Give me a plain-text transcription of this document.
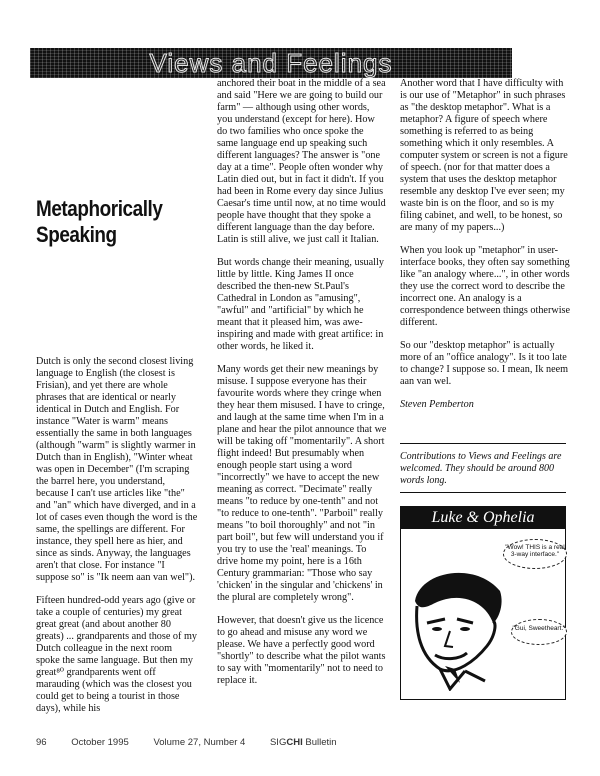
Views and Feelings
Metaphorically
Speaking

Dutch is only the second closest living language to English (the closest is Frisian), and yet there are whole phrases that are identical or nearly identical in Dutch and English. For instance "Water is warm" means essentially the same in both languages (although "warm" is slightly warmer in Dutch than in English), "Winter wheat was open in December" (I'm scraping the barrel here, you understand, because I can't use articles like "the" and "an" which have diverged, and in a lot of cases even though the word is the same, the spellings are different. For instance, they spell here as hier, and since as sinds. Anyway, the languages aren't that close. For instance "I suppose so" is "Ik neem aan van wel").

Fifteen hundred-odd years ago (give or take a couple of centuries) my great great great (and about another 80 greats) ... grandparents and those of my Dutch colleague in the next room spoke the same language. But then my great⁸⁰ grandparents went off marauding (which was the closest you could get to being a tourist in those days), while his

anchored their boat in the middle of a sea and said "Here we are going to build our farm" — although using other words, you understand (except for here). How do two families who once spoke the same language end up speaking such different languages? The answer is "one day at a time". People often wonder why Latin died out, but in fact it didn't. If you had been in Rome every day since Julius Caesar's time until now, at no time would people have thought that they spoke a different language than the day before. Latin is still alive, we just call it Italian.

But words change their meaning, usually little by little. King James II once described the then-new St.Paul's Cathedral in London as "amusing", "awful" and "artificial" by which he meant that it pleased him, was awe-inspiring and made with great artifice: in other words, he liked it.

Many words get their new meanings by misuse. I suppose everyone has their favourite words where they cringe when they hear them misused. I have to cringe, and laugh at the same time when I'm in a plane and hear the pilot announce that we will be taking off "momentarily". A short flight indeed! But presumably when enough people start using a word "incorrectly" we have to accept the new meaning as correct. "Decimate" really means "to reduce by one-tenth" and not "to reduce to one-tenth". "Parboil" really means "to boil thoroughly" and not "in part boil", but few will understand you if you try to use the 'real' meanings. To drive home my point, here is a 16th Century grammarian: "Those who say 'chicken' in the singular and 'chickens' in the plural are completely wrong".

However, that doesn't give us the licence to go ahead and misuse any word we please. We have a perfectly good word "shortly" to describe what the pilot wants to say with "momentarily" not to need to replace it.

Another word that I have difficulty with is our use of "Metaphor" in such phrases as "the desktop metaphor". What is a metaphor? A figure of speech where something is referred to as being something which it only resembles. A computer system or screen is not a figure of speech. (nor for that matter does a system that uses the desktop metaphor resemble any desktop I've ever seen; my waste bin is on the floor, and so is my filing cabinet, and well, to be honest, so are many of my papers...)

When you look up "metaphor" in user-interface books, they often say something like "an analogy where...", in other words they use the correct word to describe the incorrect one. An analogy is a correspondence between things otherwise different.

So our "desktop metaphor" is actually more of an "office analogy". Is it too late to change? I suppose so. I mean, Ik neem aan van wel.

Steven Pemberton

Contributions to Views and Feelings are welcomed. They should be around 800 words long.
Luke & Ophelia
"Wow! THIS is a real 3-way interface."
"Gui, Sweetheart."
96	October 1995	Volume 27, Number 4	SIGCHI Bulletin
